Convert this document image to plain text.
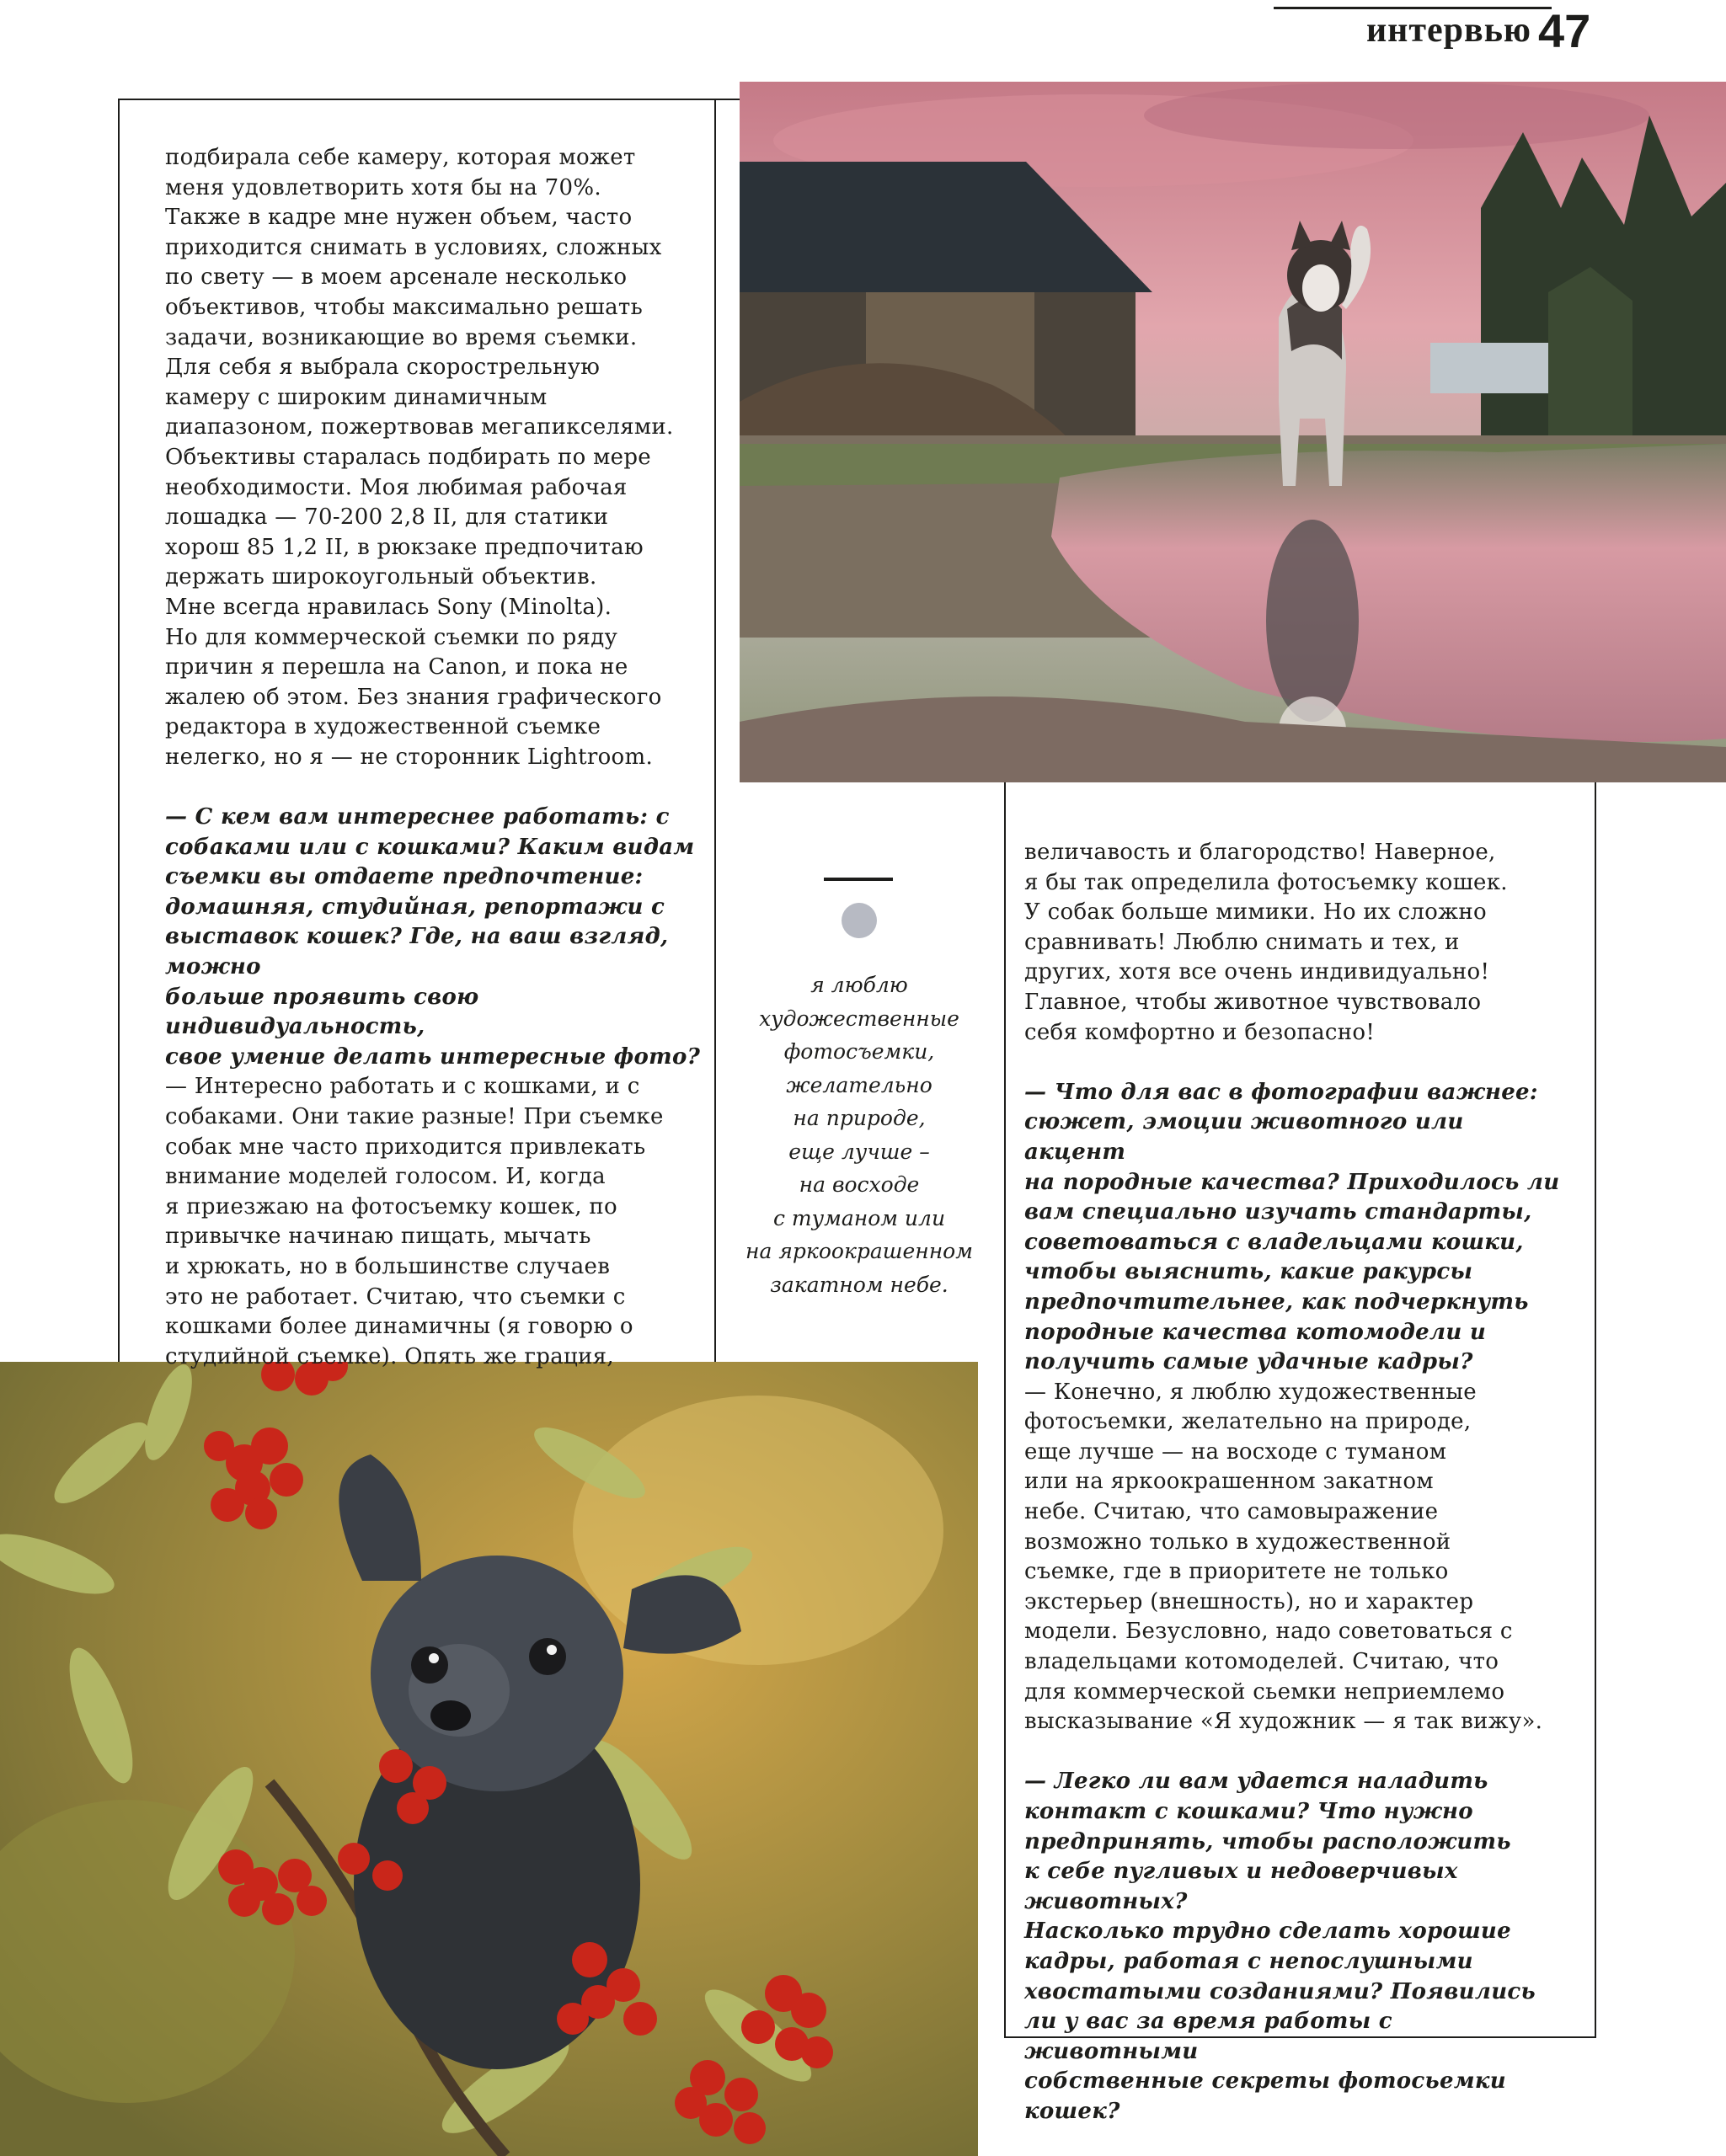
интервью 47

подбирала себе камеру, которая может
меня удовлетворить хотя бы на 70%.
Также в кадре мне нужен объем, часто
приходится снимать в условиях, сложных
по свету — в моем арсенале несколько
объективов, чтобы максимально решать
задачи, возникающие во время съемки.
Для себя я выбрала скорострельную
камеру с широким динамичным
диапазоном, пожертвовав мегапикселями.
Объективы старалась подбирать по мере
необходимости. Моя любимая рабочая
лошадка — 70-200 2,8 II, для статики
хорош 85 1,2 II, в рюкзаке предпочитаю
держать широкоугольный объектив.
Мне всегда нравилась Sony (Minolta).
Но для коммерческой съемки по ряду
причин я перешла на Canon, и пока не
жалею об этом. Без знания графического
редактора в художественной съемке
нелегко, но я — не сторонник Lightroom.

— С кем вам интереснее работать: с
собаками или с кошками? Каким видам
съемки вы отдаете предпочтение:
домашняя, студийная, репортажи с
выставок кошек? Где, на ваш взгляд, можно
больше проявить свою индивидуальность,
свое умение делать интересные фото?

— Интересно работать и с кошками, и с
собаками. Они такие разные! При съемке
собак мне часто приходится привлекать
внимание моделей голосом. И, когда
я приезжаю на фотосъемку кошек, по
привычке начинаю пищать, мычать
и хрюкать, но в большинстве случаев
это не работает. Считаю, что съемки с
кошками более динамичны (я говорю о
студийной съемке). Опять же грация,

я люблю
художественные
фотосъемки,
желательно
на природе,
еще лучше –
на восходе
с туманом или
на яркоокрашенном
закатном небе.

величавость и благородство! Наверное,
я бы так определила фотосъемку кошек.
У собак больше мимики. Но их сложно
сравнивать! Люблю снимать и тех, и
других, хотя все очень индивидуально!
Главное, чтобы животное чувствовало
себя комфортно и безопасно!

— Что для вас в фотографии важнее:
сюжет, эмоции животного или акцент
на породные качества? Приходилось ли
вам специально изучать стандарты,
советоваться с владельцами кошки,
чтобы выяснить, какие ракурсы
предпочтительнее, как подчеркнуть
породные качества котомодели и
получить самые удачные кадры?

— Конечно, я люблю художественные
фотосъемки, желательно на природе,
еще лучше — на восходе с туманом
или на яркоокрашенном закатном
небе. Считаю, что самовыражение
возможно только в художественной
съемке, где в приоритете не только
экстерьер (внешность), но и характер
модели. Безусловно, надо советоваться с
владельцами котомоделей. Считаю, что
для коммерческой сьемки неприемлемо
высказывание «Я художник — я так вижу».

— Легко ли вам удается наладить
контакт с кошками? Что нужно
предпринять, чтобы расположить
к себе пугливых и недоверчивых животных?
Насколько трудно сделать хорошие
кадры, работая с непослушными
хвостатыми созданиями? Появились
ли у вас за время работы с животными
собственные секреты фотосьемки кошек?
